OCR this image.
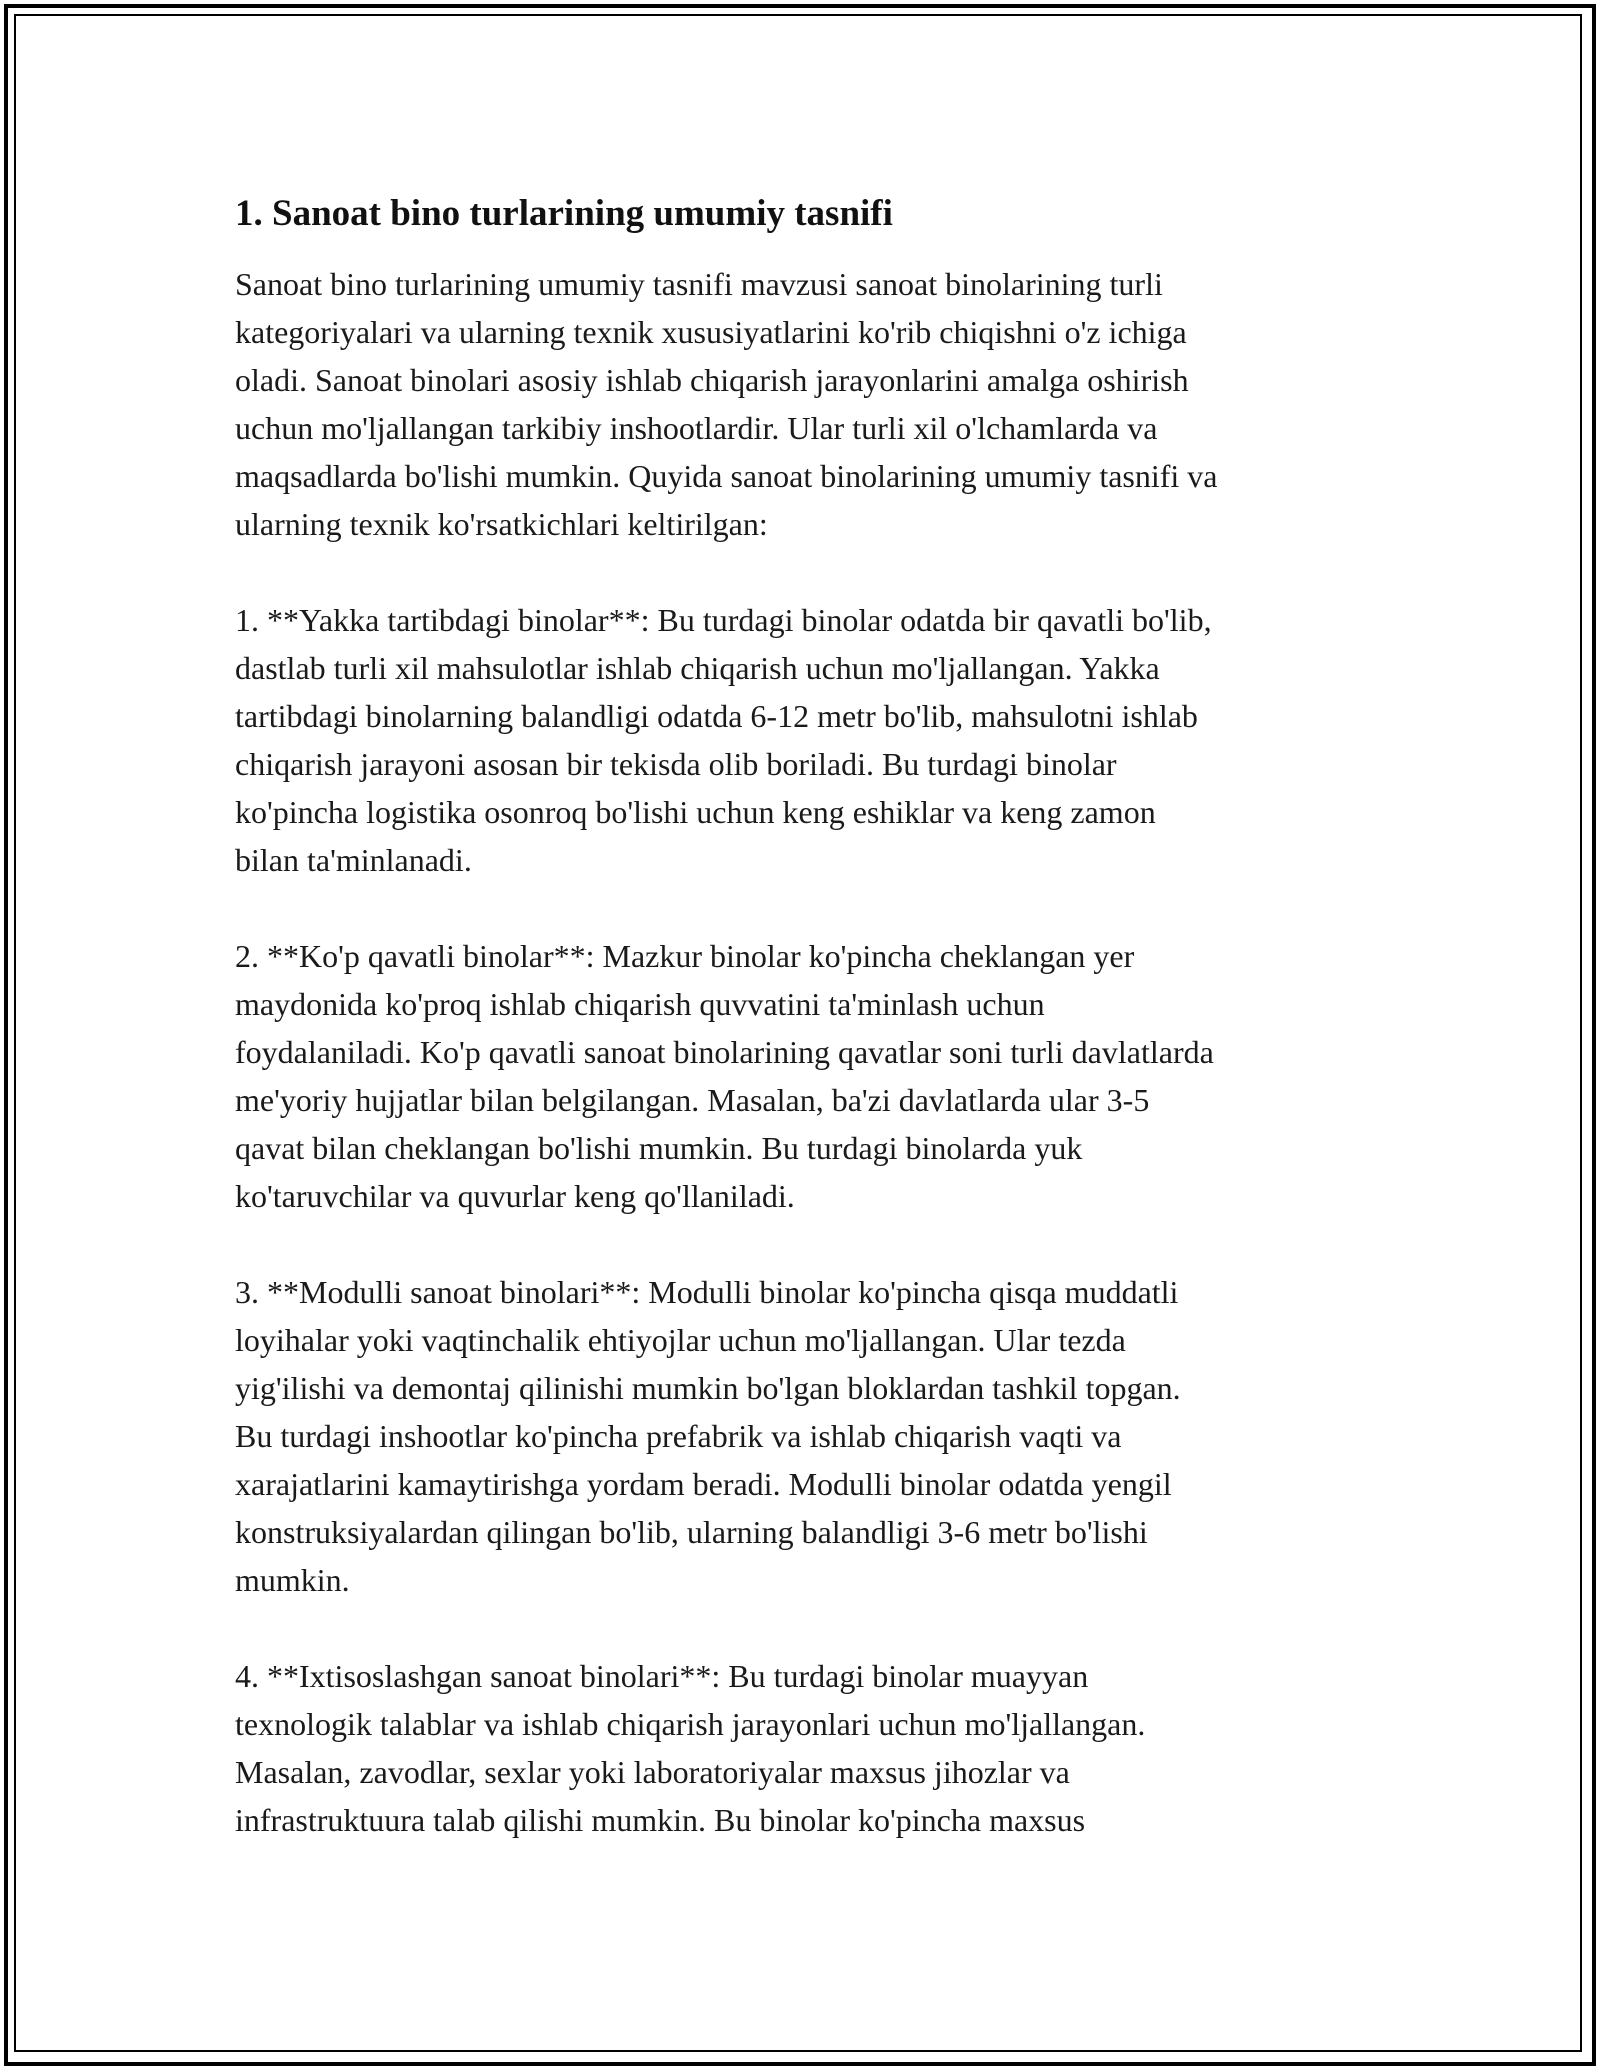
1. Sanoat bino turlarining umumiy tasnifi

Sanoat bino turlarining umumiy tasnifi mavzusi sanoat binolarining turli
kategoriyalari va ularning texnik xususiyatlarini ko'rib chiqishni o'z ichiga
oladi. Sanoat binolari asosiy ishlab chiqarish jarayonlarini amalga oshirish
uchun mo'ljallangan tarkibiy inshootlardir. Ular turli xil o'lchamlarda va
maqsadlarda bo'lishi mumkin. Quyida sanoat binolarining umumiy tasnifi va
ularning texnik ko'rsatkichlari keltirilgan:

1. **Yakka tartibdagi binolar**: Bu turdagi binolar odatda bir qavatli bo'lib,
dastlab turli xil mahsulotlar ishlab chiqarish uchun mo'ljallangan. Yakka
tartibdagi binolarning balandligi odatda 6-12 metr bo'lib, mahsulotni ishlab
chiqarish jarayoni asosan bir tekisda olib boriladi. Bu turdagi binolar
ko'pincha logistika osonroq bo'lishi uchun keng eshiklar va keng zamon
bilan ta'minlanadi.

2. **Ko'p qavatli binolar**: Mazkur binolar ko'pincha cheklangan yer
maydonida ko'proq ishlab chiqarish quvvatini ta'minlash uchun
foydalaniladi. Ko'p qavatli sanoat binolarining qavatlar soni turli davlatlarda
me'yoriy hujjatlar bilan belgilangan. Masalan, ba'zi davlatlarda ular 3-5
qavat bilan cheklangan bo'lishi mumkin. Bu turdagi binolarda yuk
ko'taruvchilar va quvurlar keng qo'llaniladi.

3. **Modulli sanoat binolari**: Modulli binolar ko'pincha qisqa muddatli
loyihalar yoki vaqtinchalik ehtiyojlar uchun mo'ljallangan. Ular tezda
yig'ilishi va demontaj qilinishi mumkin bo'lgan bloklardan tashkil topgan.
Bu turdagi inshootlar ko'pincha prefabrik va ishlab chiqarish vaqti va
xarajatlarini kamaytirishga yordam beradi. Modulli binolar odatda yengil
konstruksiyalardan qilingan bo'lib, ularning balandligi 3-6 metr bo'lishi
mumkin.

4. **Ixtisoslashgan sanoat binolari**: Bu turdagi binolar muayyan
texnologik talablar va ishlab chiqarish jarayonlari uchun mo'ljallangan.
Masalan, zavodlar, sexlar yoki laboratoriyalar maxsus jihozlar va
infrastruktuura talab qilishi mumkin. Bu binolar ko'pincha maxsus
